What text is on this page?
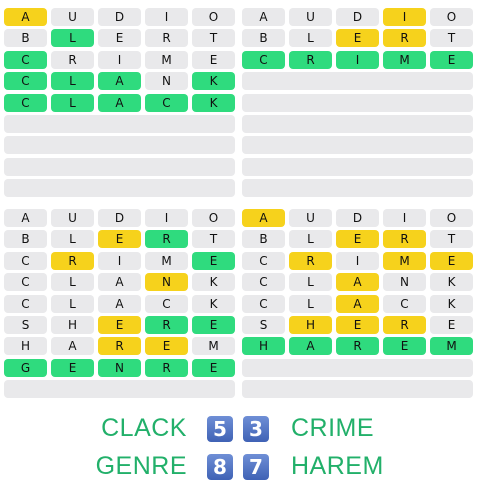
A	U	D	I	O
B	L	E	R	T
C	R	I	M	E
C	L	A	N	K
C	L	A	C	K
A	U	D	I	O
B	L	E	R	T
C	R	I	M	E
A	U	D	I	O
B	L	E	R	T
C	R	I	M	E
C	L	A	N	K
C	L	A	C	K
S	H	E	R	E
H	A	R	E	M
G	E	N	R	E
A	U	D	I	O
B	L	E	R	T
C	R	I	M	E
C	L	A	N	K
C	L	A	C	K
S	H	E	R	E
H	A	R	E	M
CLACK	5	3 CRIME
GENRE	8	7 HAREM
